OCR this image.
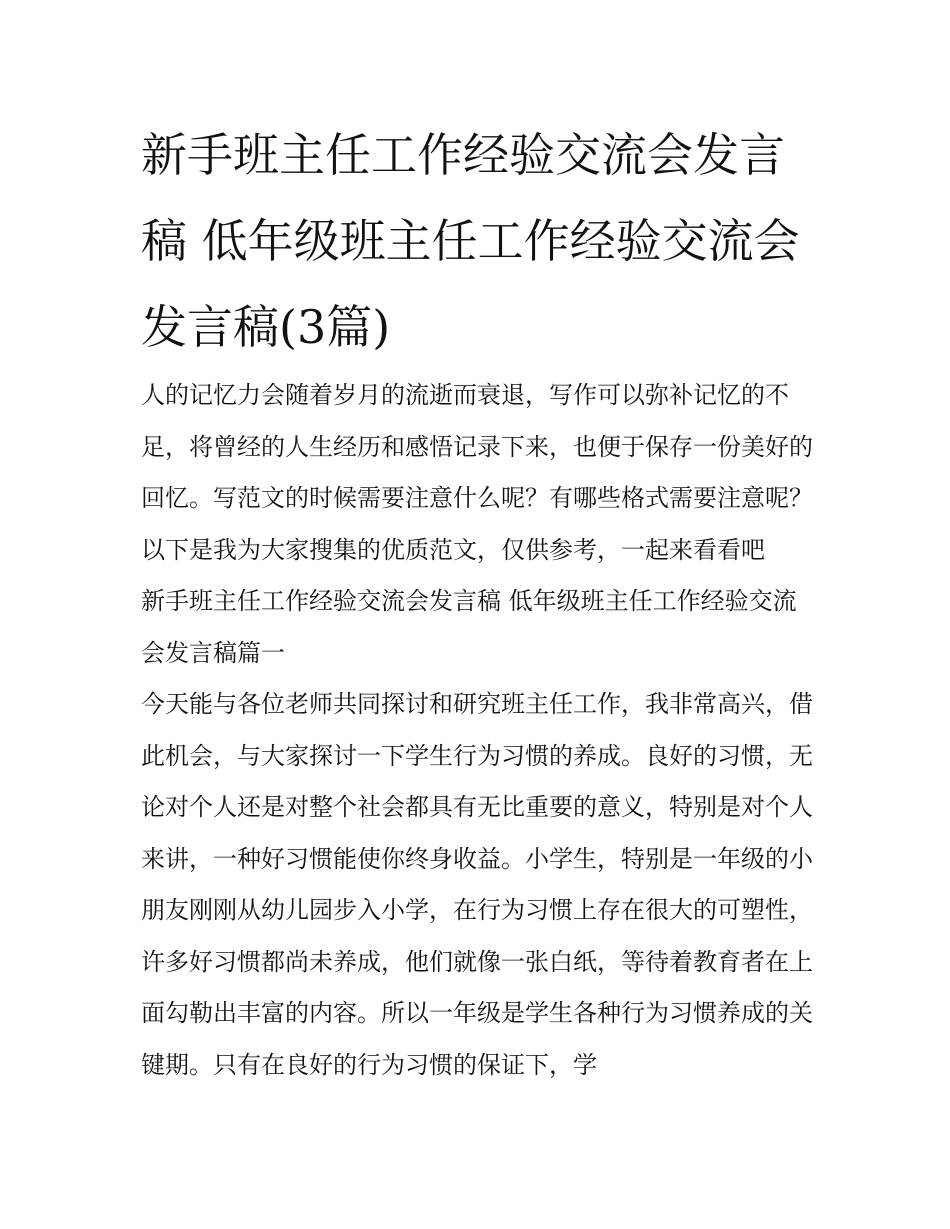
新手班主任工作经验交流会发言稿 低年级班主任工作经验交流会发言稿(3篇)

人的记忆力会随着岁月的流逝而衰退，写作可以弥补记忆的不足，将曾经的人生经历和感悟记录下来，也便于保存一份美好的回忆。写范文的时候需要注意什么呢？有哪些格式需要注意呢？以下是我为大家搜集的优质范文，仅供参考，一起来看看吧

新手班主任工作经验交流会发言稿 低年级班主任工作经验交流会发言稿篇一

今天能与各位老师共同探讨和研究班主任工作，我非常高兴，借此机会，与大家探讨一下学生行为习惯的养成。良好的习惯，无论对个人还是对整个社会都具有无比重要的意义，特别是对个人来讲，一种好习惯能使你终身收益。小学生，特别是一年级的小朋友刚刚从幼儿园步入小学，在行为习惯上存在很大的可塑性，许多好习惯都尚未养成，他们就像一张白纸，等待着教育者在上面勾勒出丰富的内容。所以一年级是学生各种行为习惯养成的关键期。只有在良好的行为习惯的保证下，学
